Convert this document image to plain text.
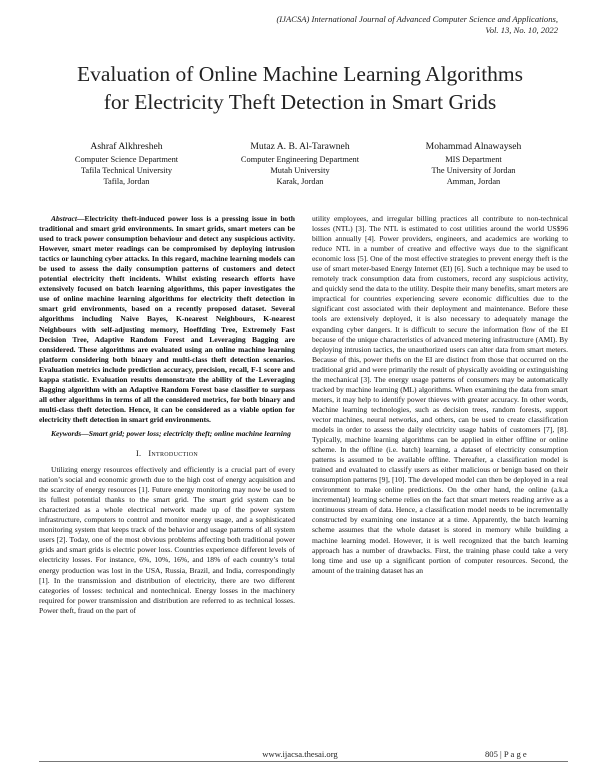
(IJACSA) International Journal of Advanced Computer Science and Applications,
Vol. 13, No. 10, 2022
Evaluation of Online Machine Learning Algorithms
for Electricity Theft Detection in Smart Grids
Ashraf Alkhresheh
Computer Science Department
Tafila Technical University
Tafila, Jordan
Mutaz A. B. Al-Tarawneh
Computer Engineering Department
Mutah University
Karak, Jordan
Mohammad Alnawayseh
MIS Department
The University of Jordan
Amman, Jordan

Abstract—Electricity theft-induced power loss is a pressing issue in both traditional and smart grid environments. In smart grids, smart meters can be used to track power consumption behaviour and detect any suspicious activity. However, smart meter readings can be compromised by deploying intrusion tactics or launching cyber attacks. In this regard, machine learning models can be used to assess the daily consumption patterns of customers and detect potential electricity theft incidents. Whilst existing research efforts have extensively focused on batch learning algorithms, this paper investigates the use of online machine learning algorithms for electricity theft detection in smart grid environments, based on a recently proposed dataset. Several algorithms including Naive Bayes, K-nearest Neighbours, K-nearest Neighbours with self-adjusting memory, Hoeffding Tree, Extremely Fast Decision Tree, Adaptive Random Forest and Leveraging Bagging are considered. These algorithms are evaluated using an online machine learning platform considering both binary and multi-class theft detection scenarios. Evaluation metrics include prediction accuracy, precision, recall, F-1 score and kappa statistic. Evaluation results demonstrate the ability of the Leveraging Bagging algorithm with an Adaptive Random Forest base classifier to surpass all other algorithms in terms of all the considered metrics, for both binary and multi-class theft detection. Hence, it can be considered as a viable option for electricity theft detection in smart grid environments.

Keywords—Smart grid; power loss; electricity theft; online machine learning

I. Introduction

Utilizing energy resources effectively and efficiently is a crucial part of every nation’s social and economic growth due to the high cost of energy acquisition and the scarcity of energy resources [1]. Future energy monitoring may now be used to its fullest potential thanks to the smart grid. The smart grid system can be characterized as a whole electrical network made up of the power system infrastructure, computers to control and monitor energy usage, and a sophisticated monitoring system that keeps track of the behavior and usage patterns of all system users [2]. Today, one of the most obvious problems affecting both traditional power grids and smart grids is electric power loss. Countries experience different levels of electricity losses. For instance, 6%, 10%, 16%, and 18% of each country’s total energy production was lost in the USA, Russia, Brazil, and India, correspondingly [1]. In the transmission and distribution of electricity, there are two different categories of losses: technical and nontechnical. Energy losses in the machinery required for power transmission and distribution are referred to as technical losses. Power theft, fraud on the part of

utility employees, and irregular billing practices all contribute to non-technical losses (NTL) [3]. The NTL is estimated to cost utilities around the world US$96 billion annually [4]. Power providers, engineers, and academics are working to reduce NTL in a number of creative and effective ways due to the significant economic loss [5]. One of the most effective strategies to prevent energy theft is the use of smart meter-based Energy Internet (EI) [6]. Such a technique may be used to remotely track consumption data from customers, record any suspicious activity, and quickly send the data to the utility. Despite their many benefits, smart meters are impractical for countries experiencing severe economic difficulties due to the significant cost associated with their deployment and maintenance. Before these tools are extensively deployed, it is also necessary to adequately manage the expanding cyber dangers. It is difficult to secure the information flow of the EI because of the unique characteristics of advanced metering infrastructure (AMI). By deploying intrusion tactics, the unauthorized users can alter data from smart meters. Because of this, power thefts on the EI are distinct from those that occurred on the traditional grid and were primarily the result of physically avoiding or extinguishing the mechanical [3]. The energy usage patterns of consumers may be automatically tracked by machine learning (ML) algorithms. When examining the data from smart meters, it may help to identify power thieves with greater accuracy. In other words, Machine learning technologies, such as decision trees, random forests, support vector machines, neural networks, and others, can be used to create classification models in order to assess the daily electricity usage habits of customers [7], [8]. Typically, machine learning algorithms can be applied in either offline or online scheme. In the offline (i.e. batch) learning, a dataset of electricity consumption patterns is assumed to be available offline. Thereafter, a classification model is trained and evaluated to classify users as either malicious or benign based on their consumption patterns [9], [10]. The developed model can then be deployed in a real environment to make online predictions. On the other hand, the online (a.k.a incremental) learning scheme relies on the fact that smart meters reading arrive as a continuous stream of data. Hence, a classification model needs to be incrementally constructed by examining one instance at a time. Apparently, the batch learning scheme assumes that the whole dataset is stored in memory while building a machine learning model. However, it is well recognized that the batch learning approach has a number of drawbacks. First, the training phase could take a very long time and use up a significant portion of computer resources. Second, the amount of the training dataset has an

www.ijacsa.thesai.org	805 | P a g e
